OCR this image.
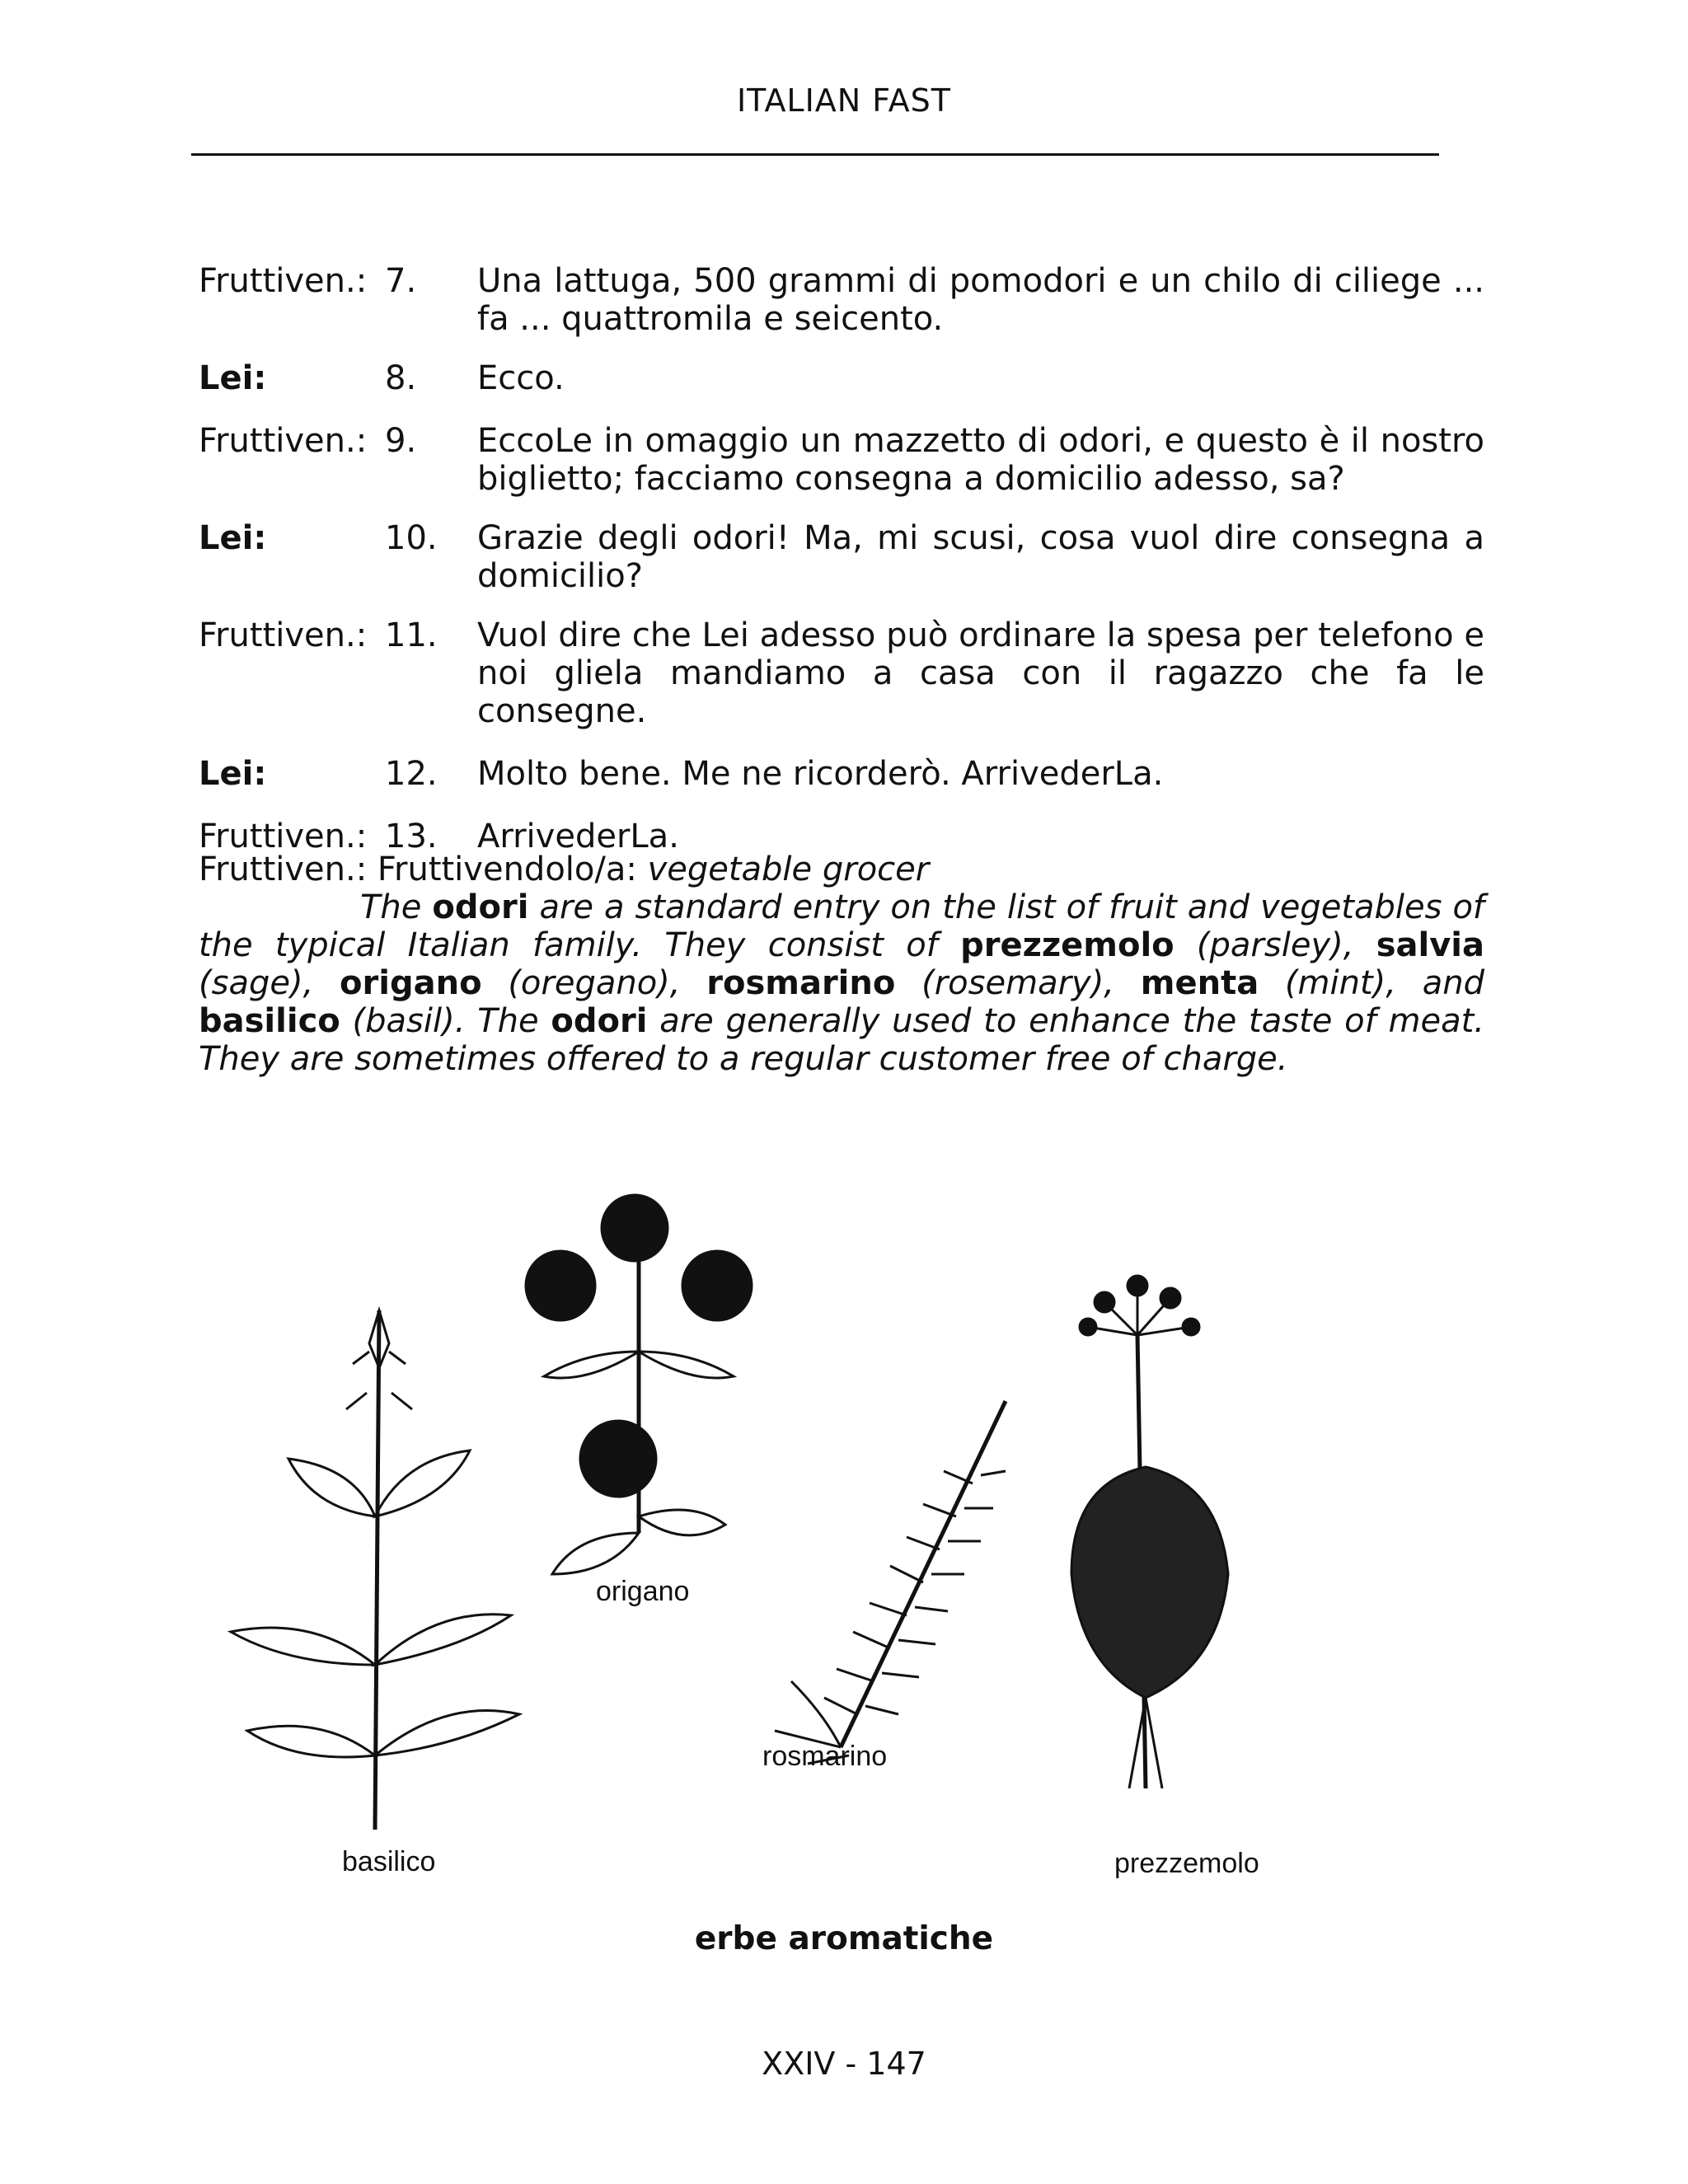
ITALIAN FAST
Fruttiven.: 7.	Una lattuga, 500 grammi di pomodori e un chilo di ciliege ... fa ... quattromila e seicento.
Lei:	8.	Ecco.
Fruttiven.: 9.	EccoLe in omaggio un mazzetto di odori, e questo è il nostro biglietto; facciamo consegna a domicilio adesso, sa?
Lei:	10.	Grazie degli odori! Ma, mi scusi, cosa vuol dire consegna a domicilio?
Fruttiven.: 11.	Vuol dire che Lei adesso può ordinare la spesa per telefono e noi gliela mandiamo a casa con il ragazzo che fa le consegne.
Lei:	12.	Molto bene. Me ne ricorderò. ArrivederLa.
Fruttiven.: 13.	ArrivederLa.

Fruttiven.: Fruttivendolo/a: vegetable grocer

The odori are a standard entry on the list of fruit and vegetables of the typical Italian family. They consist of prezzemolo (parsley), salvia (sage), origano (oregano), rosmarino (rosemary), menta (mint), and basilico (basil). The odori are generally used to enhance the taste of meat. They are sometimes offered to a regular customer free of charge.

origano
rosmarino
basilico	prezzemolo
erbe aromatiche
XXIV - 147
